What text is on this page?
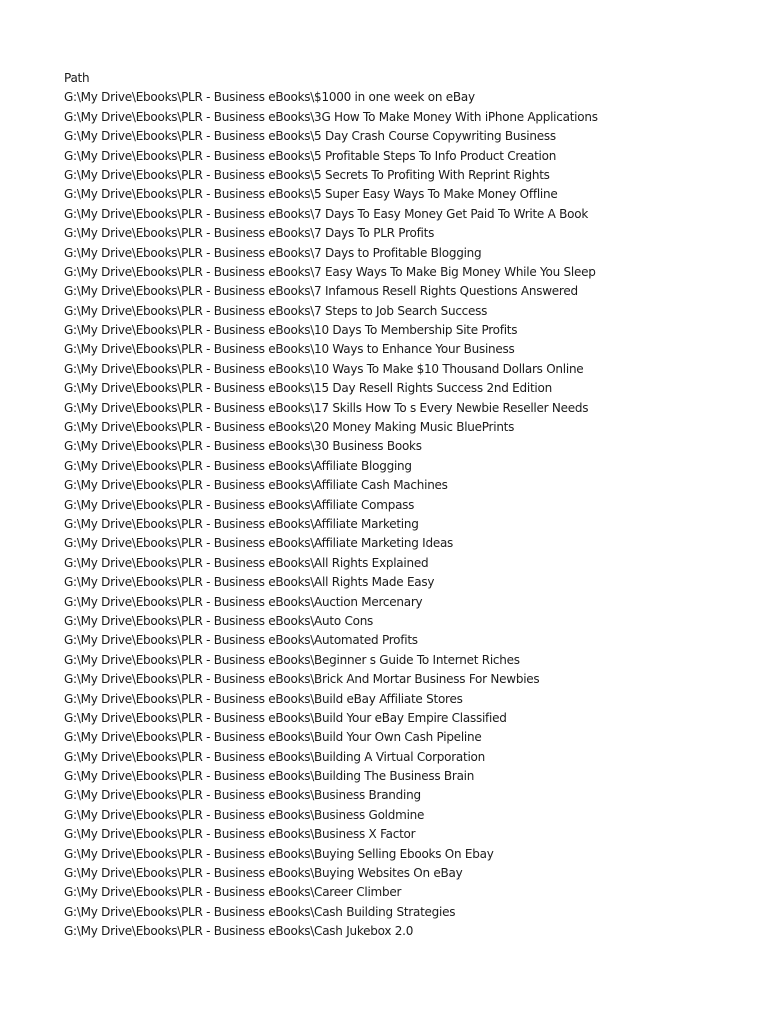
Path
G:\My Drive\Ebooks\PLR - Business eBooks\$1000 in one week on eBay
G:\My Drive\Ebooks\PLR - Business eBooks\3G How To Make Money With iPhone Applications
G:\My Drive\Ebooks\PLR - Business eBooks\5 Day Crash Course Copywriting Business
G:\My Drive\Ebooks\PLR - Business eBooks\5 Profitable Steps To Info Product Creation
G:\My Drive\Ebooks\PLR - Business eBooks\5 Secrets To Profiting With Reprint Rights
G:\My Drive\Ebooks\PLR - Business eBooks\5 Super Easy Ways To Make Money Offline
G:\My Drive\Ebooks\PLR - Business eBooks\7 Days To Easy Money Get Paid To Write A Book
G:\My Drive\Ebooks\PLR - Business eBooks\7 Days To PLR Profits
G:\My Drive\Ebooks\PLR - Business eBooks\7 Days to Profitable Blogging
G:\My Drive\Ebooks\PLR - Business eBooks\7 Easy Ways To Make Big Money While You Sleep
G:\My Drive\Ebooks\PLR - Business eBooks\7 Infamous Resell Rights Questions Answered
G:\My Drive\Ebooks\PLR - Business eBooks\7 Steps to Job Search Success
G:\My Drive\Ebooks\PLR - Business eBooks\10 Days To Membership Site Profits
G:\My Drive\Ebooks\PLR - Business eBooks\10 Ways to Enhance Your Business
G:\My Drive\Ebooks\PLR - Business eBooks\10 Ways To Make $10 Thousand Dollars Online
G:\My Drive\Ebooks\PLR - Business eBooks\15 Day Resell Rights Success 2nd Edition
G:\My Drive\Ebooks\PLR - Business eBooks\17 Skills How To s Every Newbie Reseller Needs
G:\My Drive\Ebooks\PLR - Business eBooks\20 Money Making Music BluePrints
G:\My Drive\Ebooks\PLR - Business eBooks\30 Business Books
G:\My Drive\Ebooks\PLR - Business eBooks\Affiliate Blogging
G:\My Drive\Ebooks\PLR - Business eBooks\Affiliate Cash Machines
G:\My Drive\Ebooks\PLR - Business eBooks\Affiliate Compass
G:\My Drive\Ebooks\PLR - Business eBooks\Affiliate Marketing
G:\My Drive\Ebooks\PLR - Business eBooks\Affiliate Marketing Ideas
G:\My Drive\Ebooks\PLR - Business eBooks\All Rights Explained
G:\My Drive\Ebooks\PLR - Business eBooks\All Rights Made Easy
G:\My Drive\Ebooks\PLR - Business eBooks\Auction Mercenary
G:\My Drive\Ebooks\PLR - Business eBooks\Auto Cons
G:\My Drive\Ebooks\PLR - Business eBooks\Automated Profits
G:\My Drive\Ebooks\PLR - Business eBooks\Beginner s Guide To Internet Riches
G:\My Drive\Ebooks\PLR - Business eBooks\Brick And Mortar Business For Newbies
G:\My Drive\Ebooks\PLR - Business eBooks\Build eBay Affiliate Stores
G:\My Drive\Ebooks\PLR - Business eBooks\Build Your eBay Empire Classified
G:\My Drive\Ebooks\PLR - Business eBooks\Build Your Own Cash Pipeline
G:\My Drive\Ebooks\PLR - Business eBooks\Building A Virtual Corporation
G:\My Drive\Ebooks\PLR - Business eBooks\Building The Business Brain
G:\My Drive\Ebooks\PLR - Business eBooks\Business Branding
G:\My Drive\Ebooks\PLR - Business eBooks\Business Goldmine
G:\My Drive\Ebooks\PLR - Business eBooks\Business X Factor
G:\My Drive\Ebooks\PLR - Business eBooks\Buying Selling Ebooks On Ebay
G:\My Drive\Ebooks\PLR - Business eBooks\Buying Websites On eBay
G:\My Drive\Ebooks\PLR - Business eBooks\Career Climber
G:\My Drive\Ebooks\PLR - Business eBooks\Cash Building Strategies
G:\My Drive\Ebooks\PLR - Business eBooks\Cash Jukebox 2.0
